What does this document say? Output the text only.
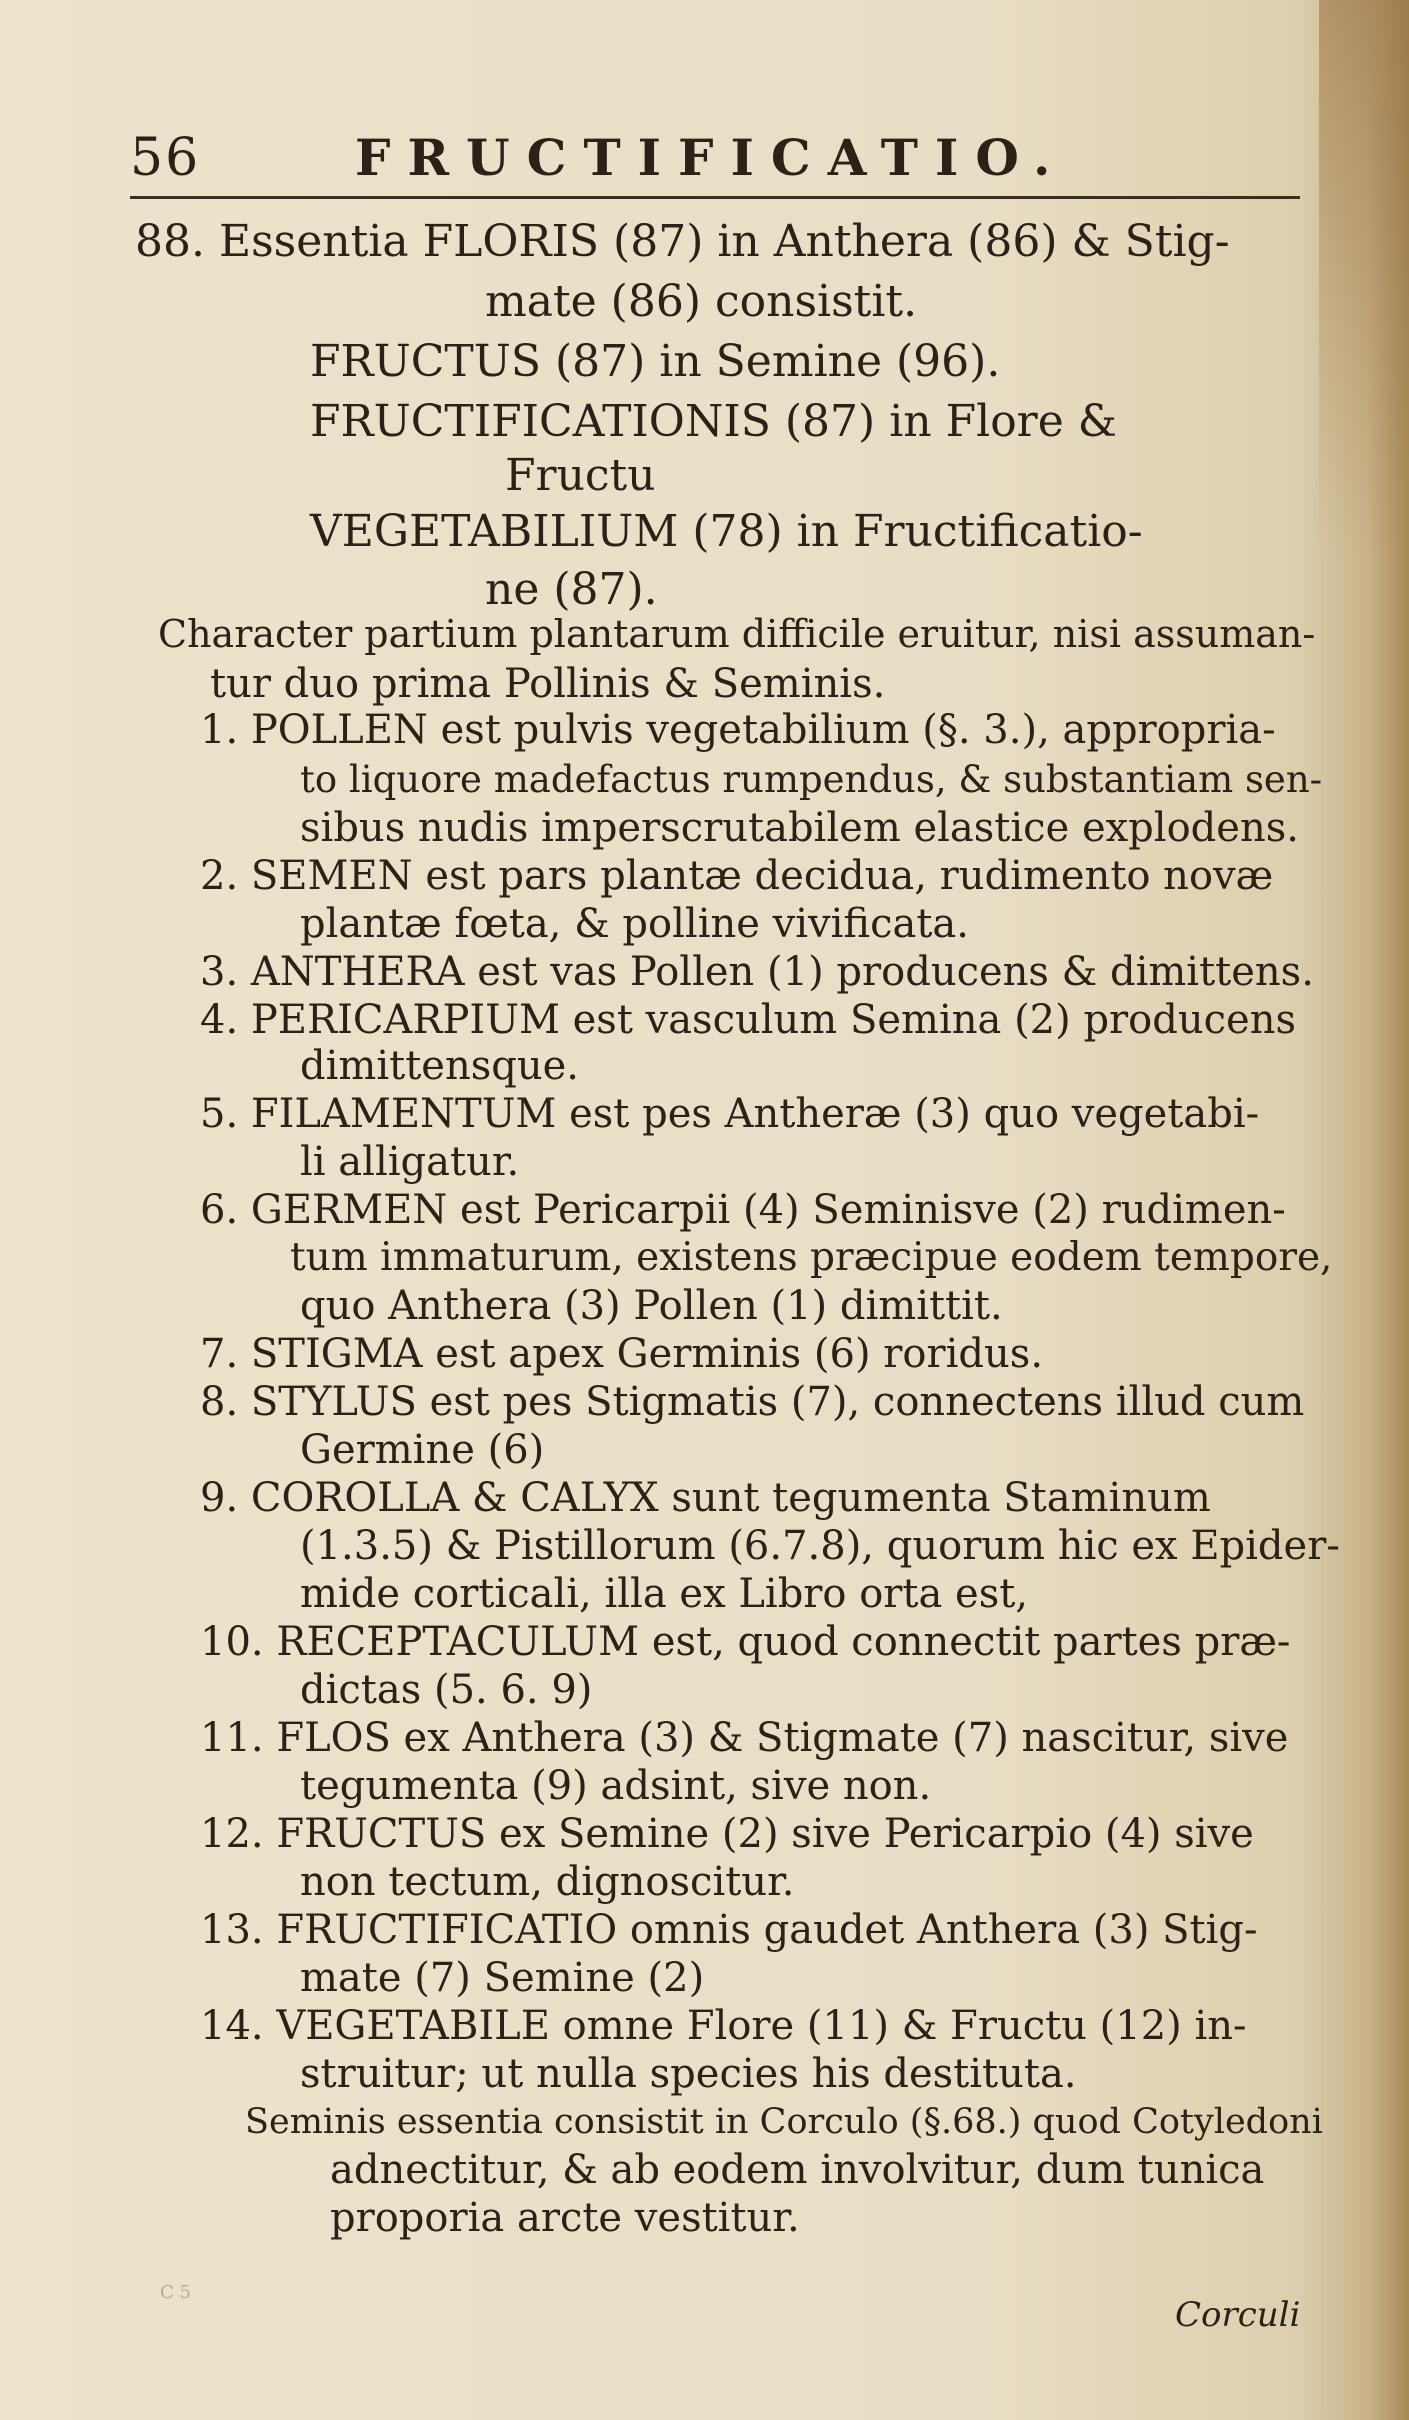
56	FRUCTIFICATIO.
88. Essentia FLORIS (87) in Anthera (86) & Stig-
mate (86) consistit.
FRUCTUS (87) in Semine (96).
FRUCTIFICATIONIS (87) in Flore &
Fructu
VEGETABILIUM (78) in Fructificatio-
ne (87).
Character partium plantarum difficile eruitur, nisi assuman-
tur duo prima Pollinis & Seminis.
1. POLLEN est pulvis vegetabilium (§. 3.), appropria-
to liquore madefactus rumpendus, & substantiam sen-
sibus nudis imperscrutabilem elastice explodens.
2. SEMEN est pars plantæ decidua, rudimento novæ
plantæ fœta, & polline vivificata.
3. ANTHERA est vas Pollen (1) producens & dimittens.
4. PERICARPIUM est vasculum Semina (2) producens
dimittensque.
5. FILAMENTUM est pes Antheræ (3) quo vegetabi-
li alligatur.
6. GERMEN est Pericarpii (4) Seminisve (2) rudimen-
tum immaturum, existens præcipue eodem tempore,
quo Anthera (3) Pollen (1) dimittit.
7. STIGMA est apex Germinis (6) roridus.
8. STYLUS est pes Stigmatis (7), connectens illud cum
Germine (6)
9. COROLLA & CALYX sunt tegumenta Staminum
(1.3.5) & Pistillorum (6.7.8), quorum hic ex Epider-
mide corticali, illa ex Libro orta est,
10. RECEPTACULUM est, quod connectit partes præ-
dictas (5. 6. 9)
11. FLOS ex Anthera (3) & Stigmate (7) nascitur, sive
tegumenta (9) adsint, sive non.
12. FRUCTUS ex Semine (2) sive Pericarpio (4) sive
non tectum, dignoscitur.
13. FRUCTIFICATIO omnis gaudet Anthera (3) Stig-
mate (7) Semine (2)
14. VEGETABILE omne Flore (11) & Fructu (12) in-
struitur; ut nulla species his destituta.
Seminis essentia consistit in Corculo (§.68.) quod Cotyledoni
adnectitur, & ab eodem involvitur, dum tunica
proporia arcte vestitur.
C 5
Corculi
